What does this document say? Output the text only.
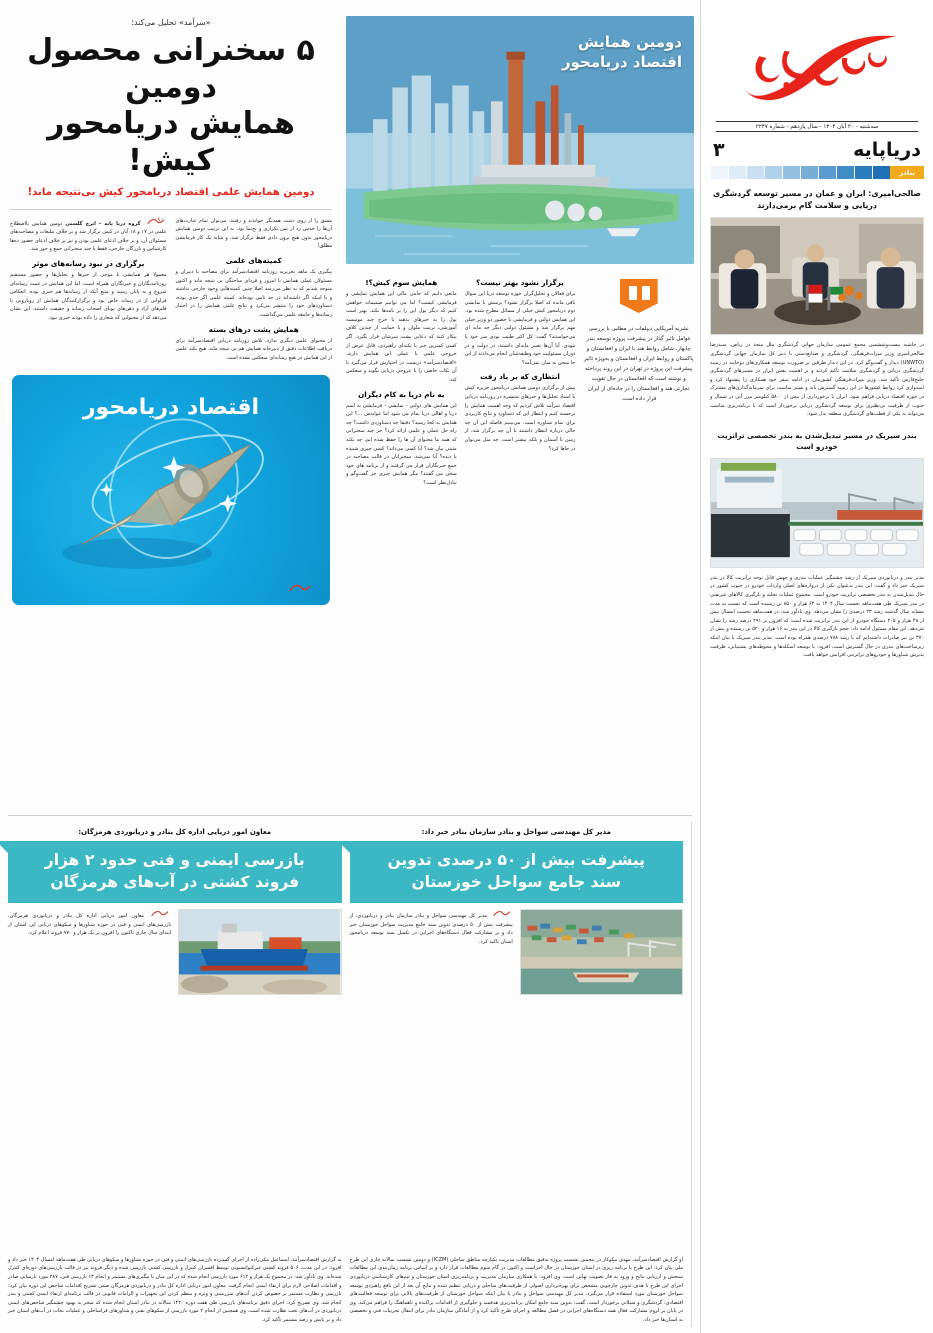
«سرآمد» تحلیل می‌کند؛
۵ سخنرانی محصول دومین
همایش دریامحور کیش!
دومین همایش علمی اقتصاد دریامحور کیش بی‌نتیجه ماند!

گروه دریا پایه - ایرج گلشنی دومین همایش با‌اصطلاح علمی در ۱۷ و ۱۸ آبان در کیش برگزار شد و بر خلاف تبلیغات و مصاحبه‌های مسئولان آن، و بر خلاف ادعای علمی بودن و نیز بر خلاف ادعای حضور ده‌ها کارشناس و بازرگان خارجی، فقط با چند سخنرانی جمع و جور شد.

برگزاری در نبود رسانه‌های موثر

معمولا هر همایشی با موجی از خبرها و تحلیل‌ها و حضور مستقیم روزنامه‌نگاران و خبرنگاران همراه است، اما این همایش در غیبت رسانه‌ای شروع و به پایان رسید و منبع آنکه از رسانه‌ها هم خبری بوده. انعکاس فراوانی از در رسانه خاص بود و برگزارکنندگان همایش از رویارویی با قلم‌های آزاد و ذهن‌های پویای اصحاب رسانه و حقیقت داشتند. این نشان می‌دهد که از محتوایی که شعاری را داده بودند خبری نبود.

مشق را از روی دست همدیگر خواندند و رفتند. می‌توان تمام عبارت‌های آن‌ها را حدس زد از بس تکراری و نخ‌نما بود. به این ترتیب دومین همایش دریامحور بدون هیچ برون دادی فقط برگزار شد، و شاید یک کار فرمایشی مطلق!

کمیته‌های علمی

پیگیری یک ماهه تحریریه روزنامه اقتصادسرآمد برای مصاحبه با دبیران و مسئولان عملی همایش با امروز و فردای ساختگی بی نتیجه ماند و اکنون متوجه شدیم که به نظر می‌رسد اصلا چنین کمیته‌هایی وجود خارجی نداشته و یا اینکه اگر داشته‌اند در حد نامی بوده‌اند. کمیته علمی اگر جدی بوده، دستاوردهای خود را منتشر می‌کرد و نتایج علمی همایش را در اختیار رسانه‌ها و جامعه علمی می‌گذاشت.

همایش پشت درهای بسته

از محتوای علمی دیگری ندارد. تلاش روزنامه دریایی اقتصادسرآمد برای دریافت اطلاعات دقیق از دبیرخانه همایش هم بی نتیجه ماند. هیچ نکته علمی از این همایش در هیچ رسانه‌ای منعکس نشده است.

اقتصاد دریامحور
دومین همایش
اقتصاد دریامحور
همایش سوم کیش؟!

مانعی دانیم که حامی مالی این همایش نمایشی و فرمایشی کیست؟ اما می توانیم صمیمانه خواهش کنیم که دیگر پول این را بر نامه‌ها نکند. بهتر است پول را به خبرهای بدهند یا خرج چند موسسه آموزشی، تربیت ملوان و با حمایت از چندین کلاف بیکار کنند که دعایی پشت سرشان قرار بگیرد. اگر کسی کمترین خبر با نکته‌ای راهبردی، قابل عرض از خروجی علمی با عملی این همایش دارند، «اقتصادسرآمد» دربست در اختیارش قرار می‌گیرد تا آن نکات خاصی را با عروجی دریایی بگوید و منعکس کند.

به نام دریا به کام دیگران

این همایش های دولتی - نمایشی - فرمایشی به اسم دریا و اهالی دریا تمام می شود اما عوایدش ...؟ این همایش به کجا رسید؟ دقیقا چه دستاوردی داشت؟ چه راه حل عملی و علمی ارائه کرد؟ جز چند سخنرانی که همه ما محتوای آن ها را حفظ شده ایم، چه نکته مثبتی بیان شد؟ آیا کسی می‌داند؟ کسی چیزی شنیده یا دیده؟ آیا نمی‌شد، سخنرانان در قالب مصاحبه در جمع خبرنگاران قرار می گرفتند و از برنامه های خود سخن می گفتند؟ مگر همایش چیزی جز گفت‌وگو و تبادل‌نظر است؟

برگزار نشود بهتر نیست؟

برای فعالان و تحلیل‌گران حوزه توسعه دریا این سوال باقی مانده که اصلا برگزار نشود؟ پرسش با نمایشی دوم دریامحور کیش خیلی از مسائل مطرح شده بود. این همایش دولتی و فرمایشی با حضور دو وزیر خیلی مهم برگزار شد و مسئول دولتی دیگر چه مایه ای می‌خواستند؟ گفت: کل اکبر طبیب بودی سر خود یا نبودی. آیا آن‌ها تعبیر مایه‌ای داشتند، در دولت و در دوران مسئولیت خود وظیفه‌شان انجام می‌دادند از این جا سخن به میان نمی‌آمد؟

انتظاری که بر باد رفت

پیش از برگزاری دومین همایش دریامحور جزیره کیش با اسناد تحلیل‌ها و خبرهای منتشره در روزنامه دریایی اقتصاد سرآمد تلاش کردیم که وجه اهمیت همایش را برجسته کنیم و انتظار این که دستاورد و نتایج کاربردی برای تمام شناوره است. می‌بینیم فاصله این آن چه حالی درباره انتظار داشتند تا آن چه برگزار شد، از زمین تا آسمان و بلکه بیشتر است. چه مثل می‌توان در جاها کرد؟

نشریه آمریکایی دیپلمات در مطلبی با بررسی عوامل تاثیر گذار در پیشرفت پروژه توسعه بندر چابهار، شامل روابط هند با ایران و افغانستان و پاکستان و روابط ایران و افغانستان و به‌ویژه تاثیر پیشرفت این پروژه در تهران در این روند پرداخته و نوشته است که افغانستان در حال تقویت تجارتی هند و افغانستان را در جاده‌ای از ایران قرار داده است.
سه‌شنبه - ۲۰ آبان ۱۴۰۴ - سال یازدهم - شماره ۲۲۴۷
دریاپایه
۳
بنادر
صالحی‌امیری: ایران و عمان در مسیر توسعه گردشگری دریایی و سلامت گام برمی‌دارند

در حاشیه بیست‌وششمین مجمع عمومی سازمان جهانی گردشگری ملل متحد در ریاض، سیدرضا صالحی‌امیری وزیر میراث‌فرهنگی، گردشگری و صنایع‌دستی با دبیر کل سازمان جهانی گردشگری (UNWTO) دیدار و گفت‌وگو کرد. در این دیدار طرفین بر ضرورت توسعه همکاری‌های دوجانبه در زمینه گردشگری دریایی و گردشگری سلامت تأکید کردند و بر اهمیت نقش ایران در مسیرهای گردشگری خلیج‌فارس تأکید شد. وزیر میراث‌فرهنگی کشورمان در ادامه سفر خود همکاری‌ را پیشنهاد کرد و امیدواری کرد روابط کشورها در این زمینه گسترش یابد و بستر مناسب برای سرمایه‌گذاری‌های مشترک در حوزه اقتصاد دریایی فراهم شود. ایران با برخورداری از بیش از ۵۸۰۰ کیلومتر مرز آبی در شمال و جنوب از ظرفیت بی‌نظیری برای توسعه گردشگری دریایی برخوردار است که با برنامه‌ریزی مناسب می‌تواند به یکی از قطب‌های گردشگری منطقه بدل شود.

بندر سیریک در مسیر تبدیل‌شدن به بندر تخصصی ترانزیت خودرو است

مدیر بندر و دریانوردی سیریک از رشد چشمگیر عملیات بندری و جهش قابل توجه تراتزیت کالا در بندر سیریک خبر داد و گفت: این بندر به‌عنوان یکی از دروازه‌های اصلی واردات خودرو در جنوب کشور در حال تبدیل‌شدن به بندر تخصصی ترانزیت خودرو است. مجموع عملیات تخلیه و بارگیری کالاهای غیرنفتی در بندر سیریک طی هفت‌ماهه نخست سال ۱۴۰۴ به ۶۴ هزار و ۸۵۰ تن رسیده است که نسبت به مدت مشابه سال گذشته رشد ۲۳ درصدی را نشان می‌دهد. وی یادآور شد: در هفت‌ماهه نخست امسال بیش از ۴۸ هزار و ۲۰۵ دستگاه خودرو از این بندر ترانزیت شده است که افزون بر ۲۹۱ درصد رشد را نشان می‌دهد. این مقام مسئول ادامه داد: حجم بارگیری کالا در این بندر به ۱۶ هزار و ۵۲۰ تن رسیده و بیش از ۳۷۰ تن نیز صادرات داشته‌ایم که با رشد ۷۸۸ درصدی همراه بوده است. مدیر بندر سیریک با بیان اینکه زیرساخت‌های بندری در حال گسترش است، افزود: با توسعه اسکله‌ها و محوطه‌های پشتیبانی، ظرفیت پذیرش شناورها و خودروهای ترانزیتی افزایش خواهد یافت.

معاون امور دریایی اداره کل بنادر و دریانوردی هرمزگان:
بازرسی ایمنی و فنی حدود ۲ هزار
فروند کشتی در آب‌های هرمزگان

معاون امور دریایی اداره کل بنادر و دریانوردی هرمزگان، بازرسی‌های ایمنی و فنی در حوزه شناورها و سکوهای دریایی این استان از ابتدای سال جاری تاکنون را افزون بر یک هزار و ۹۷۰ فروند اعلام کرد.

به گزارش اقتصادسرآمد، اسماعیل مکی‌زاده از اجرای گسترده بازرسی‌های ایمنی و فنی در حوزه شناورها و سکوهای دریایی طی هفت‌ماهه امسال ۱۴۰۴ خبر داد و افزود: در این مدت، ۵۰۶ فروند کشتی غیرکنوانسیونی توسط افسران کنترل و بازرسی کشتی بازرسی شده و دیگر فروند نیز در قالب بازرسی‌های دوره‌ای کنترل شده‌اند. وی یادآور شد: در مجموع یک هزار و ۶۱۲ مورد بازرسی انجام شده که در این میان با پیگیری‌های مستمر و انجام ۱۳ بازرسی فنی، ۲۸۷ مورد نارسایی صادر و اقدامات اصلاحی لازم برای ارتقاء ایمنی انجام گرفت. معاون امور دریایی اداره کل بنادر و دریانوردی هرمزگان ضمن تشریح اقدامات شاخص این دوره بیان کرد: بازرسی و نظارت مستمر بر خصوص کردن آب‌های سرزمینی و ویژه و منظم کردن این تجهیزات و الزامات قانونی در قالب برنامه‌ای ارتقاء ایمنی کشتی و بندر انجام شد. وی تصریح کرد: اجرای دقیق برنامه‌های بازرسی طی هفت دوره ۱۴۲۰ سالانه در بنادر استان انجام شده که منجر به بهبود چشمگیر شاخص‌های ایمنی دریانوردی در آب‌های تحت نظارت شده است. وی همچنین از انجام ۲ مورد بازرسی از سکوهای نفتی و شناورهای فراساحلی و عملیات نجات در آب‌های استان خبر داد و بر پایش و رصد مستمر تأکید کرد.

مدیر کل مهندسی سواحل و بنادر سازمان بنادر خبر داد:
پیشرفت بیش از ۵۰ درصدی تدوین
سند جامع سواحل خوزستان

مدیر کل مهندسی سواحل و بنادر سازمان بنادر و دریانوردی، از پیشرفت بیش از ۵۰ درصدی تدوین سند جامع مدیریت سواحل خوزستان خبر داد و بر مشارکت فعال دستگاه‌های اجرایی در تکمیل سند توسعه دریامحور استان تاکید کرد.

او گزارش اقتصادسرآمد، مهدی نیکوکار در پنجمین نشست پروژه تدقیق مطالعات مدیریت یکپارچه مناطق ساحلی (ICZM) و دومین نشست سالانه جاری این طرح ملی بیان کرد: این طرح با برنامه ریزی در استان خوزستان در حال اجراست و اکنون در گام سوم مطالعات قرار دارد و بر اساس برنامه زمان‌بندی این مطالعات سنجش و ارزیابی نتایج و ورود به فاز تصویب نهایی است. وی افزود: با همکاری سازمان مدیریت و برنامه‌ریزی استان خوزستان و تیم‌های کارشناسی دریانوردی اجرای این طرح با هدف تدوین چارچوبی مشخص برای بهره‌برداری اصولی از ظرفیت‌های ساحلی و دریایی تنظیم شده و نتایج آن بعد از این نافع راهبردی توسعه سواحل خوزستان مورد استفاده قرار می‌گیرد. مدیر کل مهندسی سواحل و بنادر با بیان اینکه سواحل خوزستان از ظرفیت‌های بالایی برای توسعه فعالیت‌های اقتصادی، گردشگری و شیلاتی برخوردار است، گفت: تدوین سند جامع امکان برنامه‌ریزی هدفمند و جلوگیری از اقدامات پراکنده و ناهماهنگ را فراهم می‌کند. وی در پایان بر لزوم مشارکت فعال همه دستگاه‌های اجرایی در فصل مطالعه و اجرای طرح تأکید کرد و از آمادگی سازمان بنادر برای انتقال تجربیات فنی و تخصصی به استان‌ها خبر داد.
